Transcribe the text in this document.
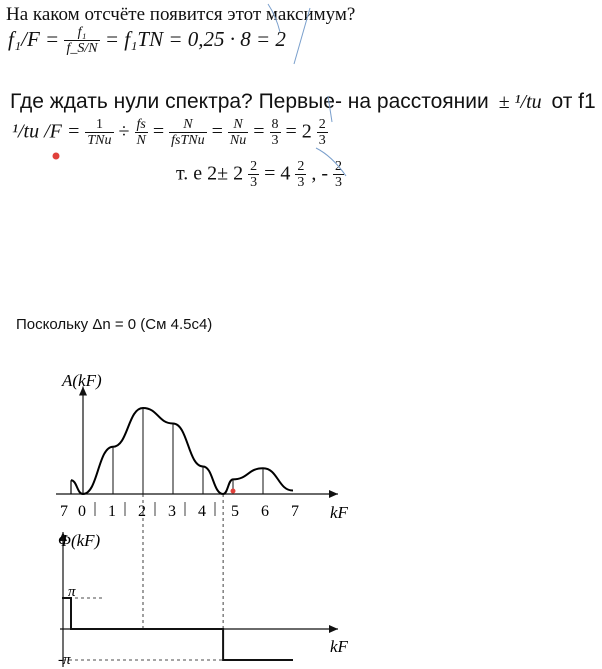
На каком отсчёте появится этот максимум?
$f_1/F = \frac{\text{f₁}}{f\_S/N} = f_1TN = 0,25 \cdot 8 = 2$
Где ждать нули спектра? Первые- на расстоянии ± ¹/tи от f1
¹/tи $/F = \frac{1}{\text{TNи}} \div \frac{fs}{N} = \frac{N}{\text{fsTNи}} = \frac{N}{Nи} = \frac{8}{3} = 2 \frac{2}{3}$
т. е $2\pm 2 \frac{2}{3} = 4 \frac{2}{3}$ , - $\frac{2}{3}$
Поскольку Δn = 0 (См 4.5c4)
7 0 1 2 3 4 5 6 7
A(kF)
kF
Φ(kF)
kF
π
-π
